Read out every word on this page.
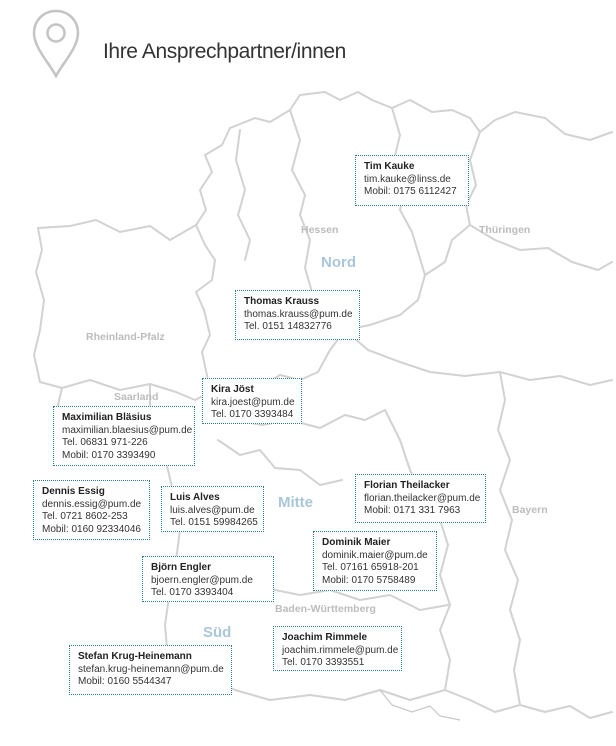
Ihre Ansprechpartner/innen
Hessen	Thüringen
Rheinland-Pfalz
Saarland
Bayern
Baden-Württemberg
Nord
Mitte
Süd
Tim Kauke
tim.kauke@linss.de
Mobil: 0175 6112427
Thomas Krauss
thomas.krauss@pum.de
Tel. 0151 14832776
Kira Jöst
kira.joest@pum.de
Tel. 0170 3393484
Maximilian Bläsius
maximilian.blaesius@pum.de
Tel. 06831 971-226
Mobil: 0170 3393490
Dennis Essig
dennis.essig@pum.de
Tel. 0721 8602-253
Mobil: 0160 92334046
Luis Alves
luis.alves@pum.de
Tel. 0151 59984265
Florian Theilacker
florian.theilacker@pum.de
Mobil: 0171 331 7963
Dominik Maier
dominik.maier@pum.de
Tel. 07161 65918-201
Mobil: 0170 5758489
Björn Engler
bjoern.engler@pum.de
Tel. 0170 3393404
Joachim Rimmele
joachim.rimmele@pum.de
Tel. 0170 3393551
Stefan Krug-Heinemann
stefan.krug-heinemann@pum.de
Mobil: 0160 5544347
